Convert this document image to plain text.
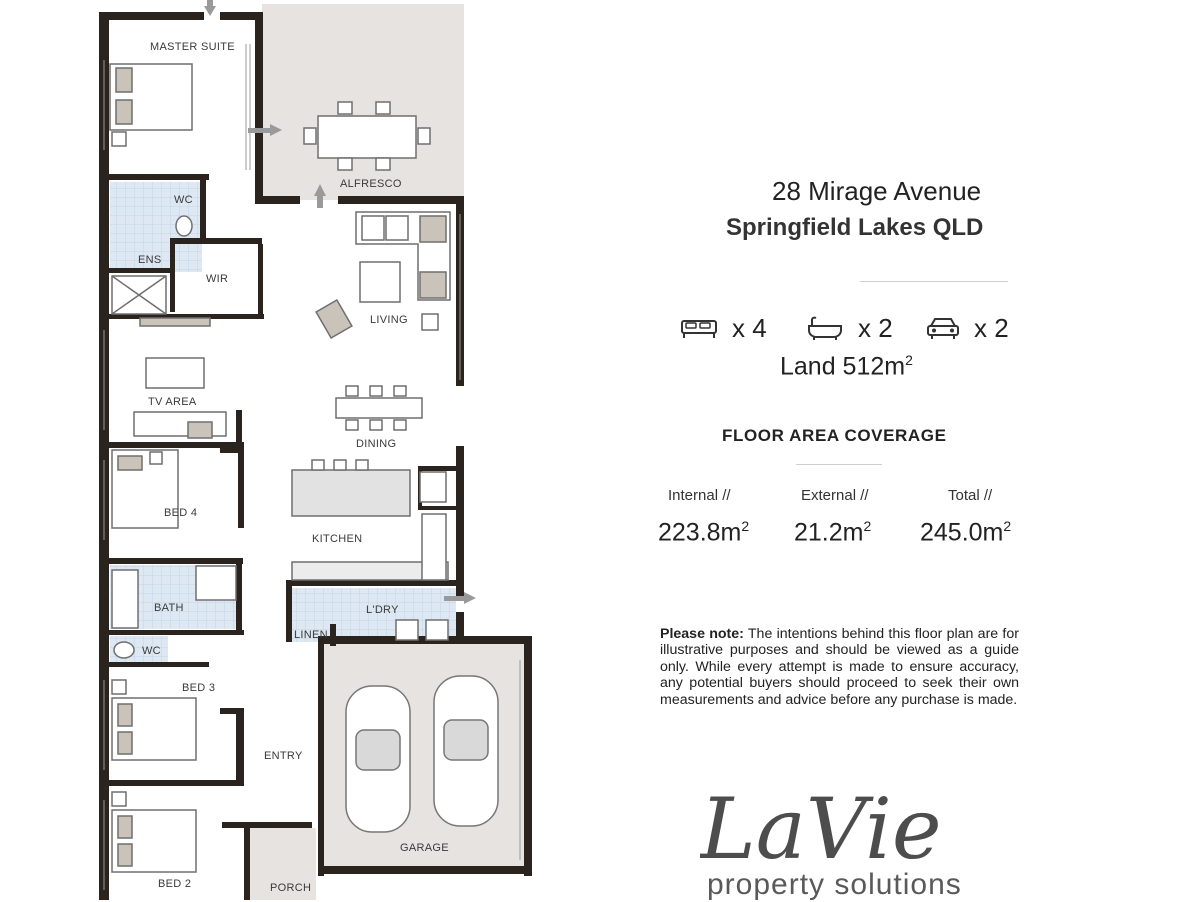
MASTER SUITE
ALFRESCO
WC
ENS
WIR
LIVING
TV AREA
DINING
BED 4
KITCHEN
BATH	L'DRY
LINEN
WC
BED 3
ENTRY
GARAGE
BED 2	PORCH
Springfield Lakes QLD
28 Mirage Avenue
x 4	x 2	x 2
Land $512m^2$
FLOOR AREA COVERAGE
Internal //	External //	Total //
$223.8m^2$ $21.2m^2$ $245.0m^2$
Please note: The intentions behind this floor plan are for illustrative purposes and should be viewed as a guide only. While every attempt is made to ensure accuracy, any potential buyers should proceed to seek their own measurements and advice before any purchase is made.
LaVie
property solutions
